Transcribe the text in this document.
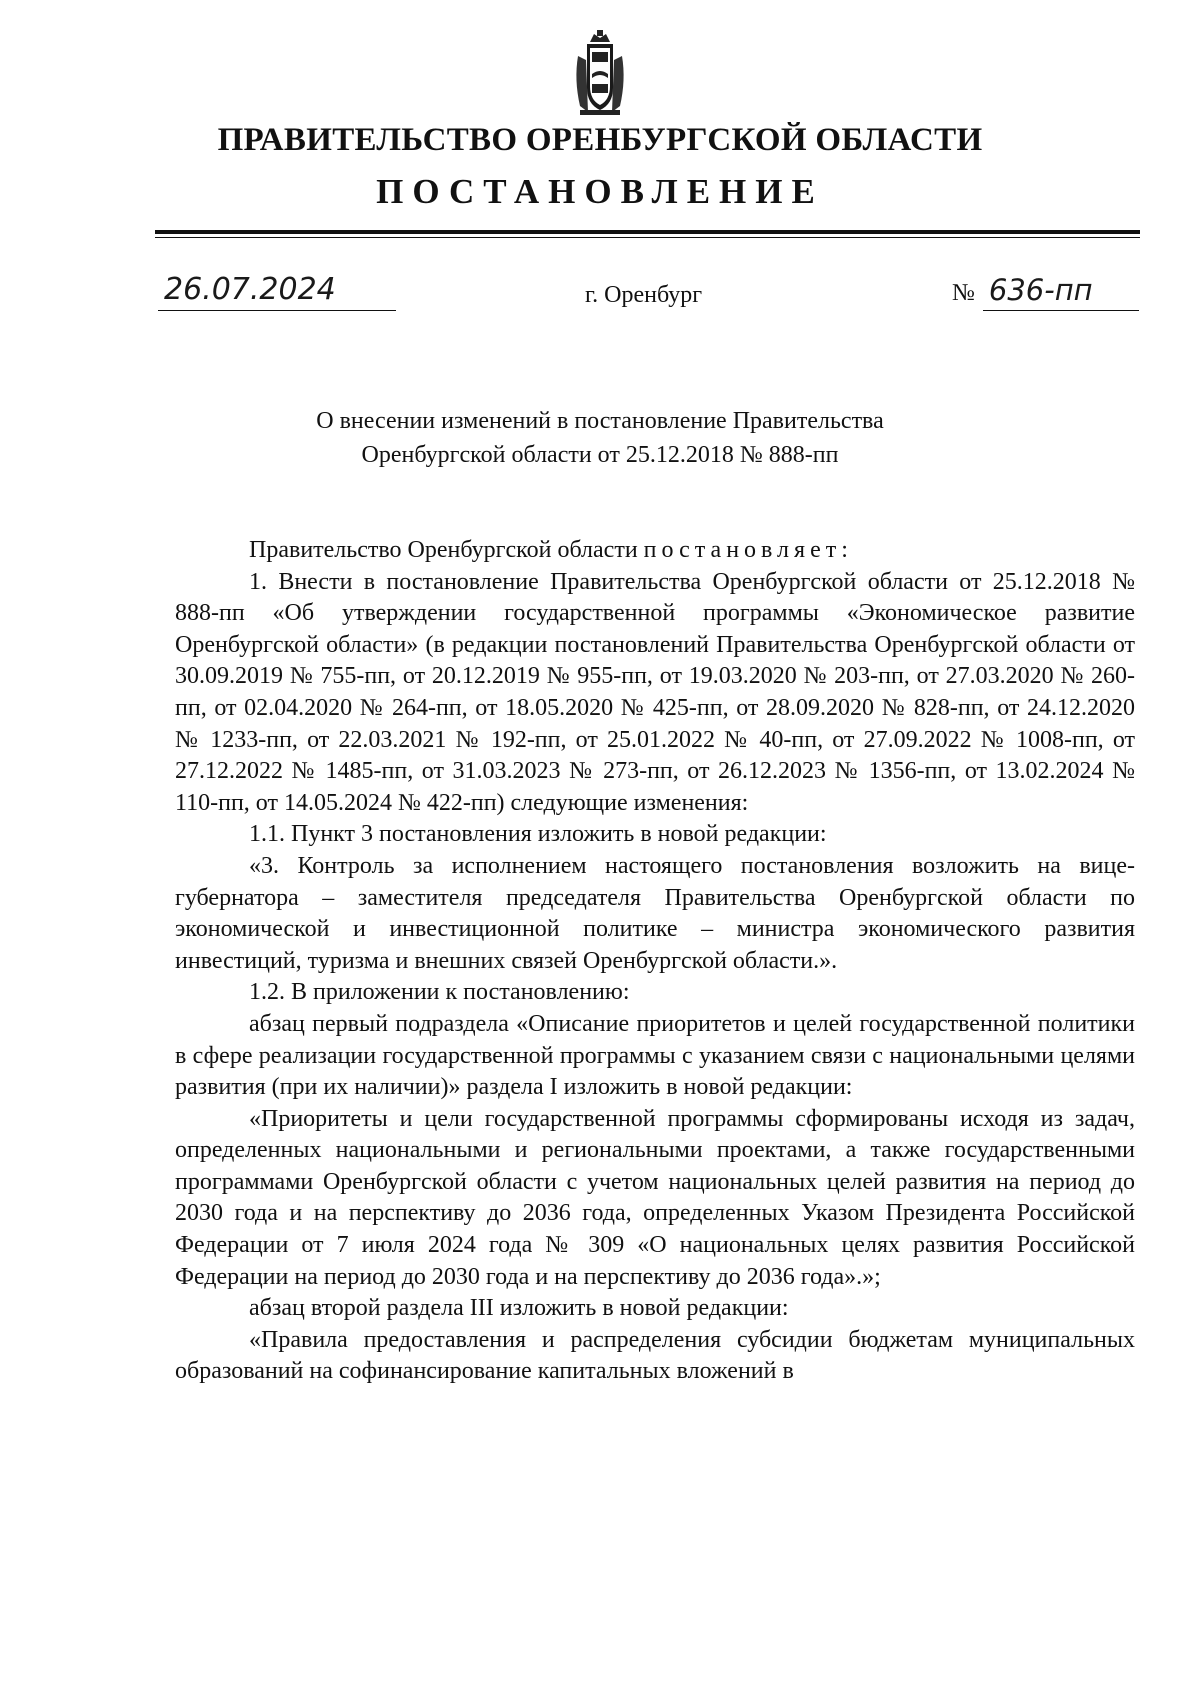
ПРАВИТЕЛЬСТВО ОРЕНБУРГСКОЙ ОБЛАСТИ
ПОСТАНОВЛЕНИЕ
26.07.2024	г. Оренбург	№ 636-пп
О внесении изменений в постановление Правительства
Оренбургской области от 25.12.2018 № 888-пп

Правительство Оренбургской области постановляет:

1. Внести в постановление Правительства Оренбургской области от 25.12.2018 № 888-пп «Об утверждении государственной программы «Экономическое развитие Оренбургской области» (в редакции постановлений Правительства Оренбургской области от 30.09.2019 № 755-пп, от 20.12.2019 № 955-пп, от 19.03.2020 № 203-пп, от 27.03.2020 № 260-пп, от 02.04.2020 № 264-пп, от 18.05.2020 № 425-пп, от 28.09.2020 № 828-пп, от 24.12.2020 № 1233-пп, от 22.03.2021 № 192-пп, от 25.01.2022 № 40-пп, от 27.09.2022 № 1008-пп, от 27.12.2022 № 1485-пп, от 31.03.2023 № 273-пп, от 26.12.2023 № 1356-пп, от 13.02.2024 № 110-пп, от 14.05.2024 № 422-пп) следующие изменения:

1.1. Пункт 3 постановления изложить в новой редакции:

«3. Контроль за исполнением настоящего постановления возложить на вице-губернатора – заместителя председателя Правительства Оренбургской области по экономической и инвестиционной политике – министра экономического развития инвестиций, туризма и внешних связей Оренбургской области.».

1.2. В приложении к постановлению:

абзац первый подраздела «Описание приоритетов и целей государственной политики в сфере реализации государственной программы с указанием связи с национальными целями развития (при их наличии)» раздела I изложить в новой редакции:

«Приоритеты и цели государственной программы сформированы исходя из задач, определенных национальными и региональными проектами, а также государственными программами Оренбургской области с учетом национальных целей развития на период до 2030 года и на перспективу до 2036 года, определенных Указом Президента Российской Федерации от 7 июля 2024 года № 309 «О национальных целях развития Российской Федерации на период до 2030 года и на перспективу до 2036 года».»;

абзац второй раздела III изложить в новой редакции:

«Правила предоставления и распределения субсидии бюджетам муниципальных образований на софинансирование капитальных вложений в
